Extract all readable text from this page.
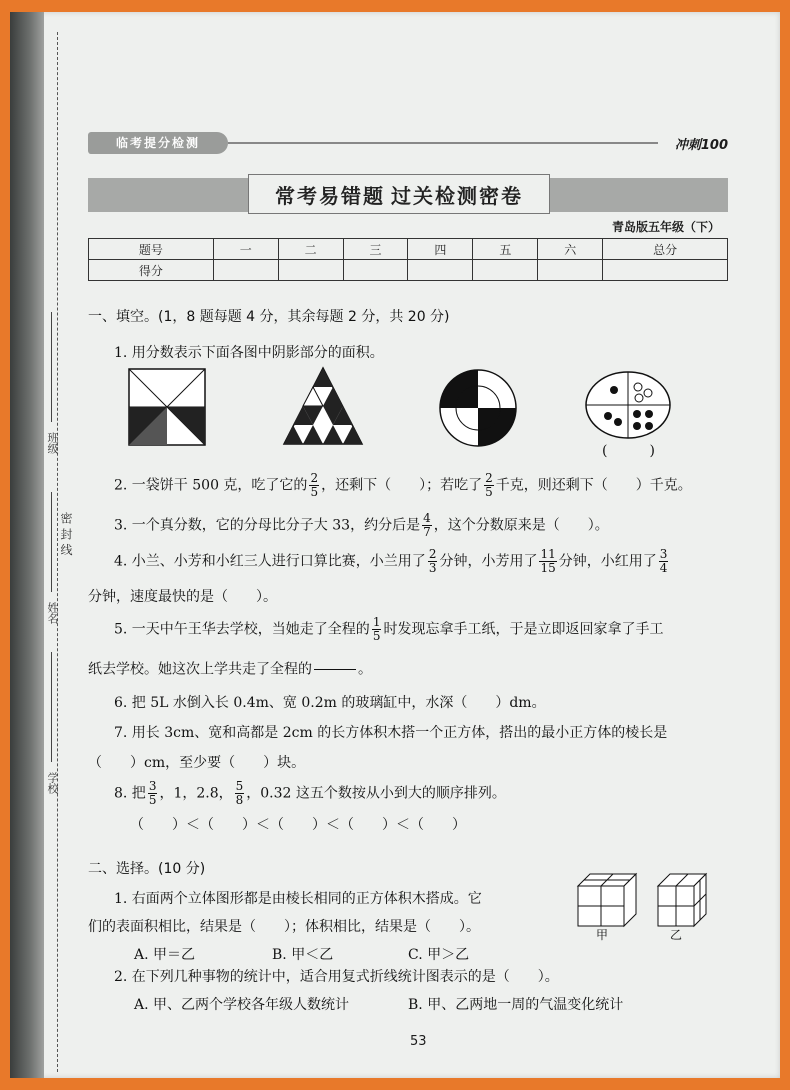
班级
密 封 线
姓名
学校
临考提分检测	冲刺100
常考易错题 过关检测密卷
青岛版五年级（下）
题号	一	二	三	四	五	六	总分
得分							
一、填空。(1，8 题每题 4 分，其余每题 2 分，共 20 分)
1. 用分数表示下面各图中阴影部分的面积。
(　　　)
2. 一袋饼干 500 克，吃了它的 $\frac{2}{5}$ ，还剩下（　　）；若吃了 $\frac{2}{5}$ 千克，则还剩下（　　）千克。
3. 一个真分数，它的分母比分子大 33，约分后是 $\frac{4}{7}$ ，这个分数原来是（　　）。
4. 小兰、小芳和小红三人进行口算比赛，小兰用了 $\frac{2}{3}$ 分钟，小芳用了 $\frac{11}{15}$ 分钟，小红用了 $\frac{3}{4}$
分钟，速度最快的是（　　）。
5. 一天中午王华去学校，当她走了全程的 $\frac{1}{5}$ 时发现忘拿手工纸，于是立即返回家拿了手工
纸去学校。她这次上学共走了全程的

	。
6. 把 5L 水倒入长 0.4m、宽 0.2m 的玻璃缸中，水深（　　）dm。
7. 用长 3cm、宽和高都是 2cm 的长方体积木搭一个正方体，搭出的最小正方体的棱长是
（　　）cm，至少要（　　）块。
8. 把 $\frac{3}{5}$ ，1，2.8， $\frac{5}{8}$ ，0.32 这五个数按从小到大的顺序排列。
（　　）＜（　　）＜（　　）＜（　　）＜（　　）
二、选择。(10 分)
1. 右面两个立体图形都是由棱长相同的正方体积木搭成。它
们的表面积相比，结果是（　　）；体积相比，结果是（　　）。
A. 甲＝乙	B. 甲＜乙	C. 甲＞乙
甲	乙
2. 在下列几种事物的统计中，适合用复式折线统计图表示的是（　　）。
A. 甲、乙两个学校各年级人数统计	B. 甲、乙两地一周的气温变化统计
53
